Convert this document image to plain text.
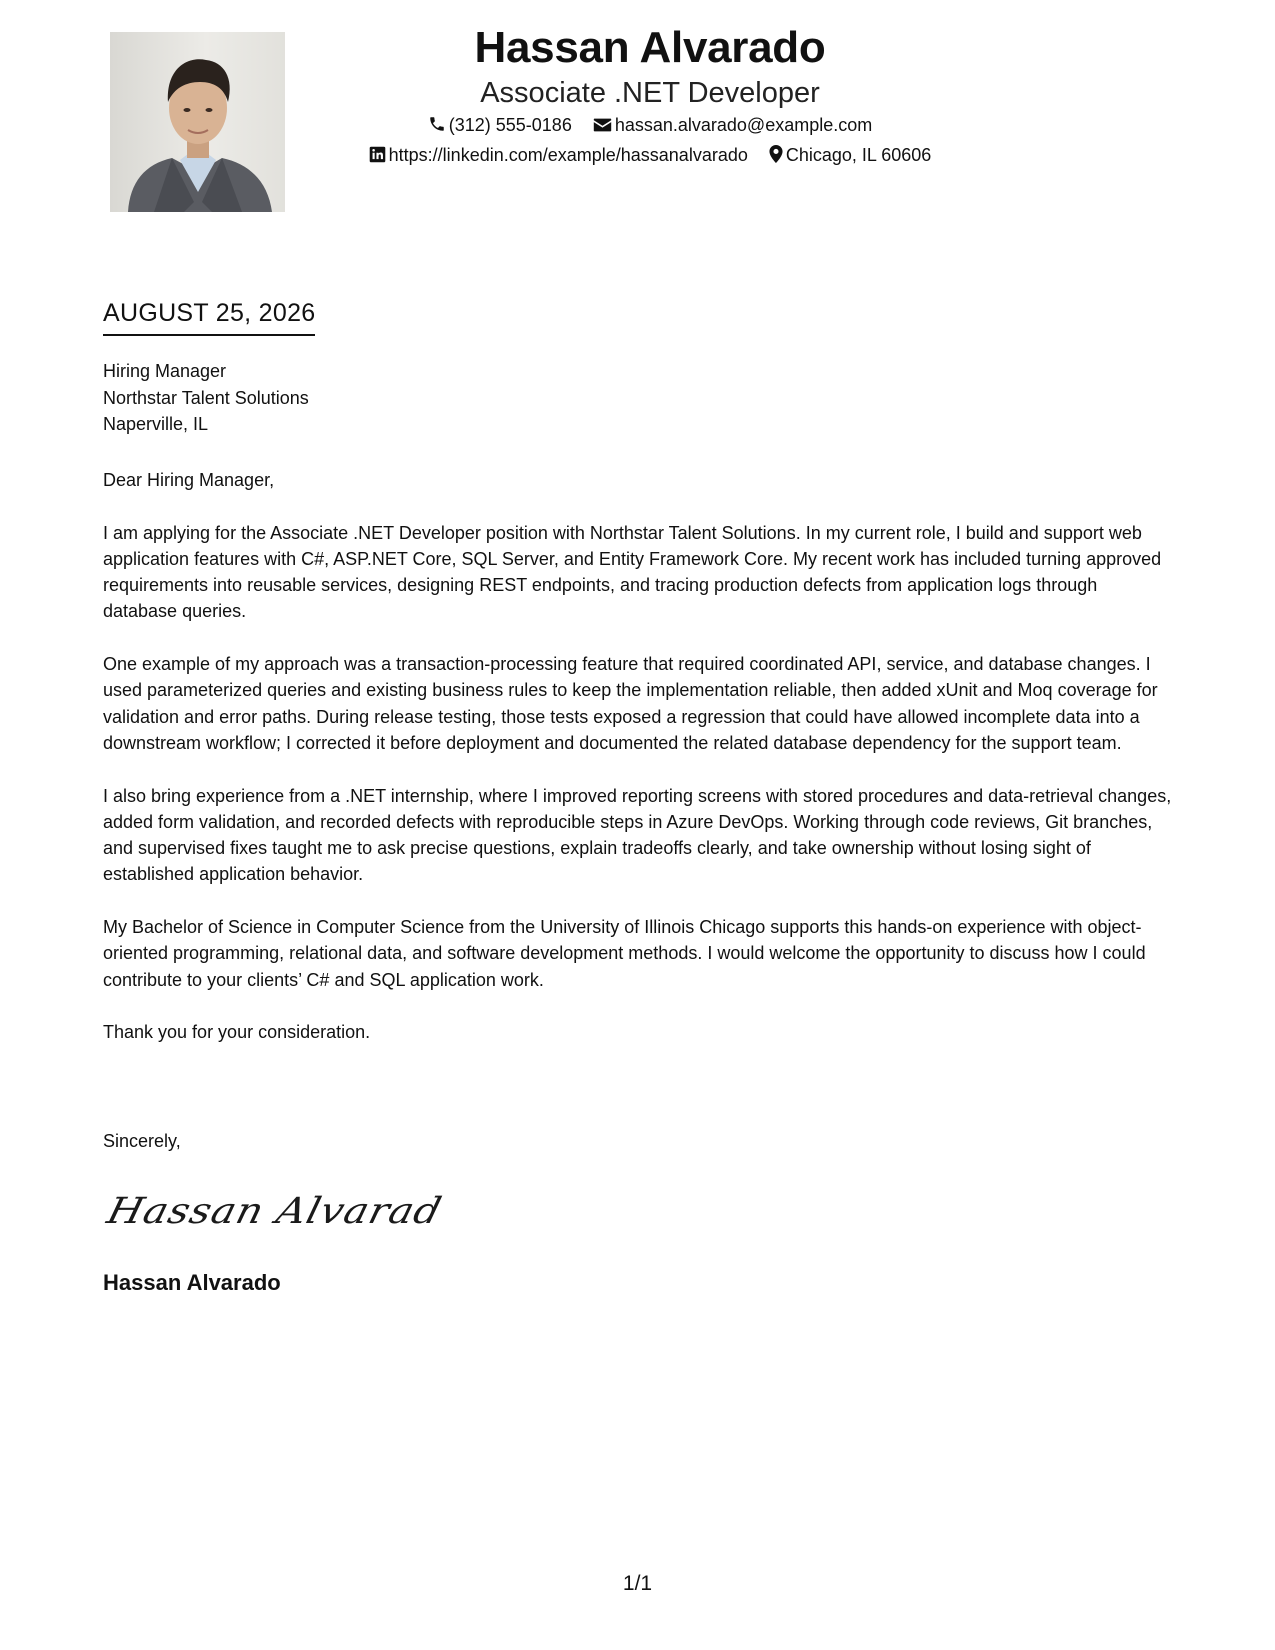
Hassan Alvarado
Associate .NET Developer
(312) 555-0186 hassan.alvarado@example.com
https://linkedin.com/example/hassanalvarado Chicago, IL 60606
AUGUST 25, 2026
Hiring Manager
Northstar Talent Solutions
Naperville, IL

Dear Hiring Manager,

I am applying for the Associate .NET Developer position with Northstar Talent Solutions. In my current role, I build and support web application features with C#, ASP.NET Core, SQL Server, and Entity Framework Core. My recent work has included turning approved requirements into reusable services, designing REST endpoints, and tracing production defects from application logs through database queries.

One example of my approach was a transaction-processing feature that required coordinated API, service, and database changes. I used parameterized queries and existing business rules to keep the implementation reliable, then added xUnit and Moq coverage for validation and error paths. During release testing, those tests exposed a regression that could have allowed incomplete data into a downstream workflow; I corrected it before deployment and documented the related database dependency for the support team.

I also bring experience from a .NET internship, where I improved reporting screens with stored procedures and data-retrieval changes, added form validation, and recorded defects with reproducible steps in Azure DevOps. Working through code reviews, Git branches, and supervised fixes taught me to ask precise questions, explain tradeoffs clearly, and take ownership without losing sight of established application behavior.

My Bachelor of Science in Computer Science from the University of Illinois Chicago supports this hands-on experience with object-oriented programming, relational data, and software development methods. I would welcome the opportunity to discuss how I could contribute to your clients’ C# and SQL application work.

Thank you for your consideration.

Sincerely,
Hassan Alvarad
Hassan Alvarado
1/1
